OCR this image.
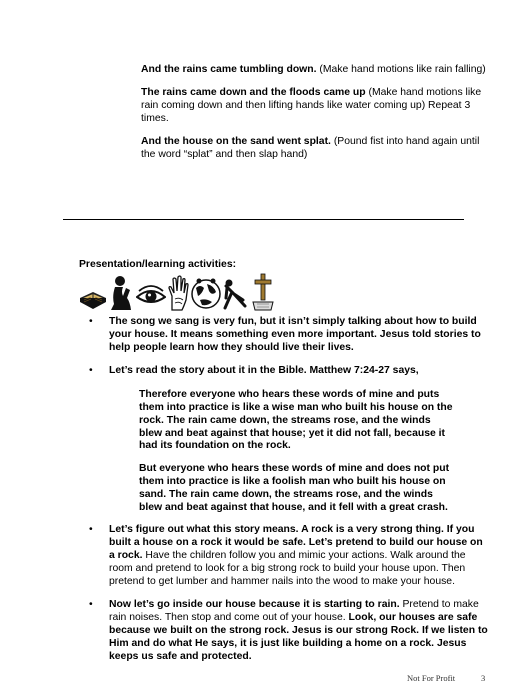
And the rains came tumbling down. (Make hand motions like rain falling)

The rains came down and the floods came up (Make hand motions like rain coming down and then lifting hands like water coming up) Repeat 3 times.

And the house on the sand went splat. (Pound fist into hand again until the word “splat” and then slap hand)

Presentation/learning activities:
• The song we sang is very fun, but it isn’t simply talking about how to build your house. It means something even more important. Jesus told stories to help people learn how they should live their lives.
• Let’s read the story about it in the Bible. Matthew 7:24-27 says,
Therefore everyone who hears these words of mine and puts them into practice is like a wise man who built his house on the rock. The rain came down, the streams rose, and the winds blew and beat against that house; yet it did not fall, because it had its foundation on the rock.
But everyone who hears these words of mine and does not put them into practice is like a foolish man who built his house on sand. The rain came down, the streams rose, and the winds blew and beat against that house, and it fell with a great crash.
• Let’s figure out what this story means. A rock is a very strong thing. If you built a house on a rock it would be safe. Let’s pretend to build our house on a rock. Have the children follow you and mimic your actions. Walk around the room and pretend to look for a big strong rock to build your house upon. Then pretend to get lumber and hammer nails into the wood to make your house.
• Now let’s go inside our house because it is starting to rain. Pretend to make rain noises. Then stop and come out of your house. Look, our houses are safe because we built on the strong rock. Jesus is our strong Rock. If we listen to Him and do what He says, it is just like building a home on a rock. Jesus keeps us safe and protected.
Not For Profit	3
